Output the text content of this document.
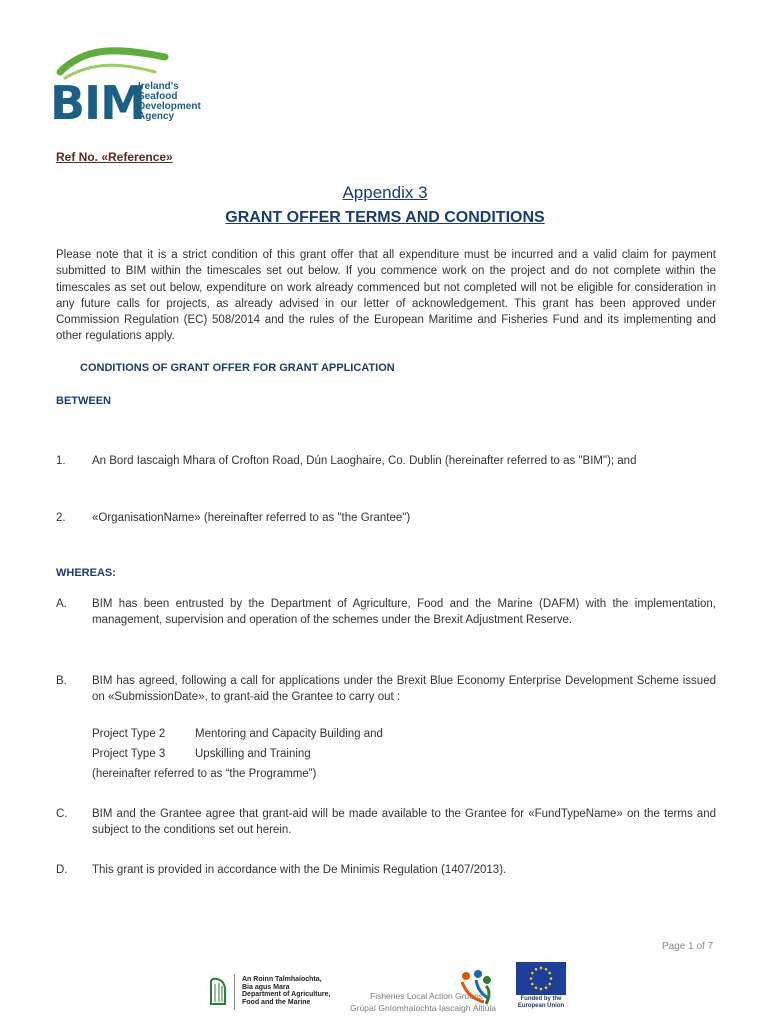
BIM
Ireland's
Seafood
Development
Agency
Ref No. «Reference»
Appendix 3
GRANT OFFER TERMS AND CONDITIONS
Please note that it is a strict condition of this grant offer that all expenditure must be incurred and a valid claim for payment submitted to BIM within the timescales set out below. If you commence work on the project and do not complete within the timescales as set out below, expenditure on work already commenced but not completed will not be eligible for consideration in any future calls for projects, as already advised in our letter of acknowledgement. This grant has been approved under Commission Regulation (EC) 508/2014 and the rules of the European Maritime and Fisheries Fund and its implementing and other regulations apply.
CONDITIONS OF GRANT OFFER FOR GRANT APPLICATION
BETWEEN
1. An Bord Iascaigh Mhara of Crofton Road, Dún Laoghaire, Co. Dublin (hereinafter referred to as "BIM"); and
2. «OrganisationName» (hereinafter referred to as "the Grantee")
WHEREAS:
A. BIM has been entrusted by the Department of Agriculture, Food and the Marine (DAFM) with the implementation, management, supervision and operation of the schemes under the Brexit Adjustment Reserve.
B. BIM has agreed, following a call for applications under the Brexit Blue Economy Enterprise Development Scheme issued on «SubmissionDate», to grant-aid the Grantee to carry out :
Project Type 2	Mentoring and Capacity Building and
Project Type 3	Upskilling and Training
(hereinafter referred to as “the Programme”)
C. BIM and the Grantee agree that grant-aid will be made available to the Grantee for «FundTypeName» on the terms and subject to the conditions set out herein.
D. This grant is provided in accordance with the De Minimis Regulation (1407/2013).
Page 1 of 7
An Roinn Talmhaíochta,
Bia agus Mara
Department of Agriculture,
Food and the Marine
Fisheries Local Action Groups
Grúpaí Gníomhaíochta Iascaigh Áitiúla
Funded by the
European Union
